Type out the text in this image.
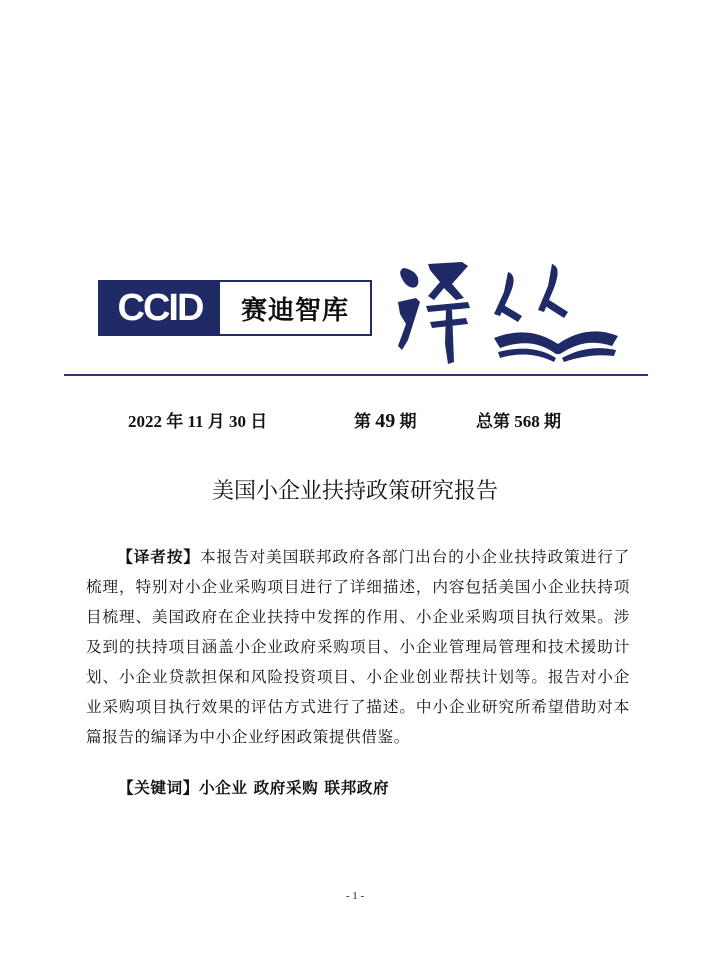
CCID	赛迪智库
2022 年 11 月 30 日	第 49 期	总第 568 期
美国小企业扶持政策研究报告
【译者按】本报告对美国联邦政府各部门出台的小企业扶持政策进行了梳理，特别对小企业采购项目进行了详细描述，内容包括美国小企业扶持项目梳理、美国政府在企业扶持中发挥的作用、小企业采购项目执行效果。涉及到的扶持项目涵盖小企业政府采购项目、小企业管理局管理和技术援助计划、小企业贷款担保和风险投资项目、小企业创业帮扶计划等。报告对小企业采购项目执行效果的评估方式进行了描述。中小企业研究所希望借助对本篇报告的编译为中小企业纾困政策提供借鉴。
【关键词】小企业 政府采购 联邦政府
- 1 -
